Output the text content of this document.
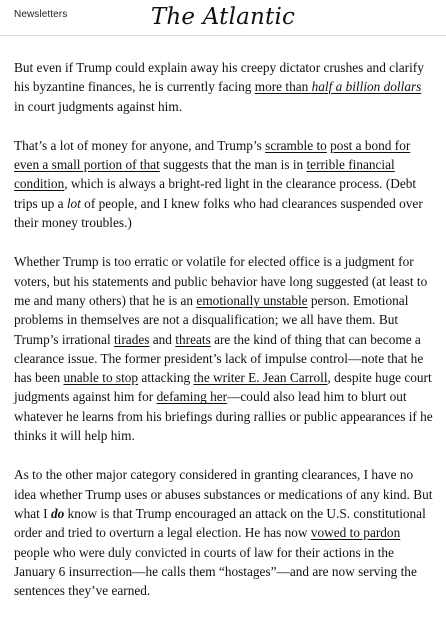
Newsletters	The Atlantic

But even if Trump could explain away his creepy dictator crushes and clarify his byzantine finances, he is currently facing more than half a billion dollars in court judgments against him.

That’s a lot of money for anyone, and Trump’s scramble to post a bond for even a small portion of that suggests that the man is in terrible financial condition, which is always a bright-red light in the clearance process. (Debt trips up a lot of people, and I knew folks who had clearances suspended over their money troubles.)

Whether Trump is too erratic or volatile for elected office is a judgment for voters, but his statements and public behavior have long suggested (at least to me and many others) that he is an emotionally unstable person. Emotional problems in themselves are not a disqualification; we all have them. But Trump’s irrational tirades and threats are the kind of thing that can become a clearance issue. The former president’s lack of impulse control—note that he has been unable to stop attacking the writer E. Jean Carroll, despite huge court judgments against him for defaming her—could also lead him to blurt out whatever he learns from his briefings during rallies or public appearances if he thinks it will help him.

As to the other major category considered in granting clearances, I have no idea whether Trump uses or abuses substances or medications of any kind. But what I do know is that Trump encouraged an attack on the U.S. constitutional order and tried to overturn a legal election. He has now vowed to pardon people who were duly convicted in courts of law for their actions in the January 6 insurrection—he calls them “hostages”—and are now serving the sentences they’ve earned.
